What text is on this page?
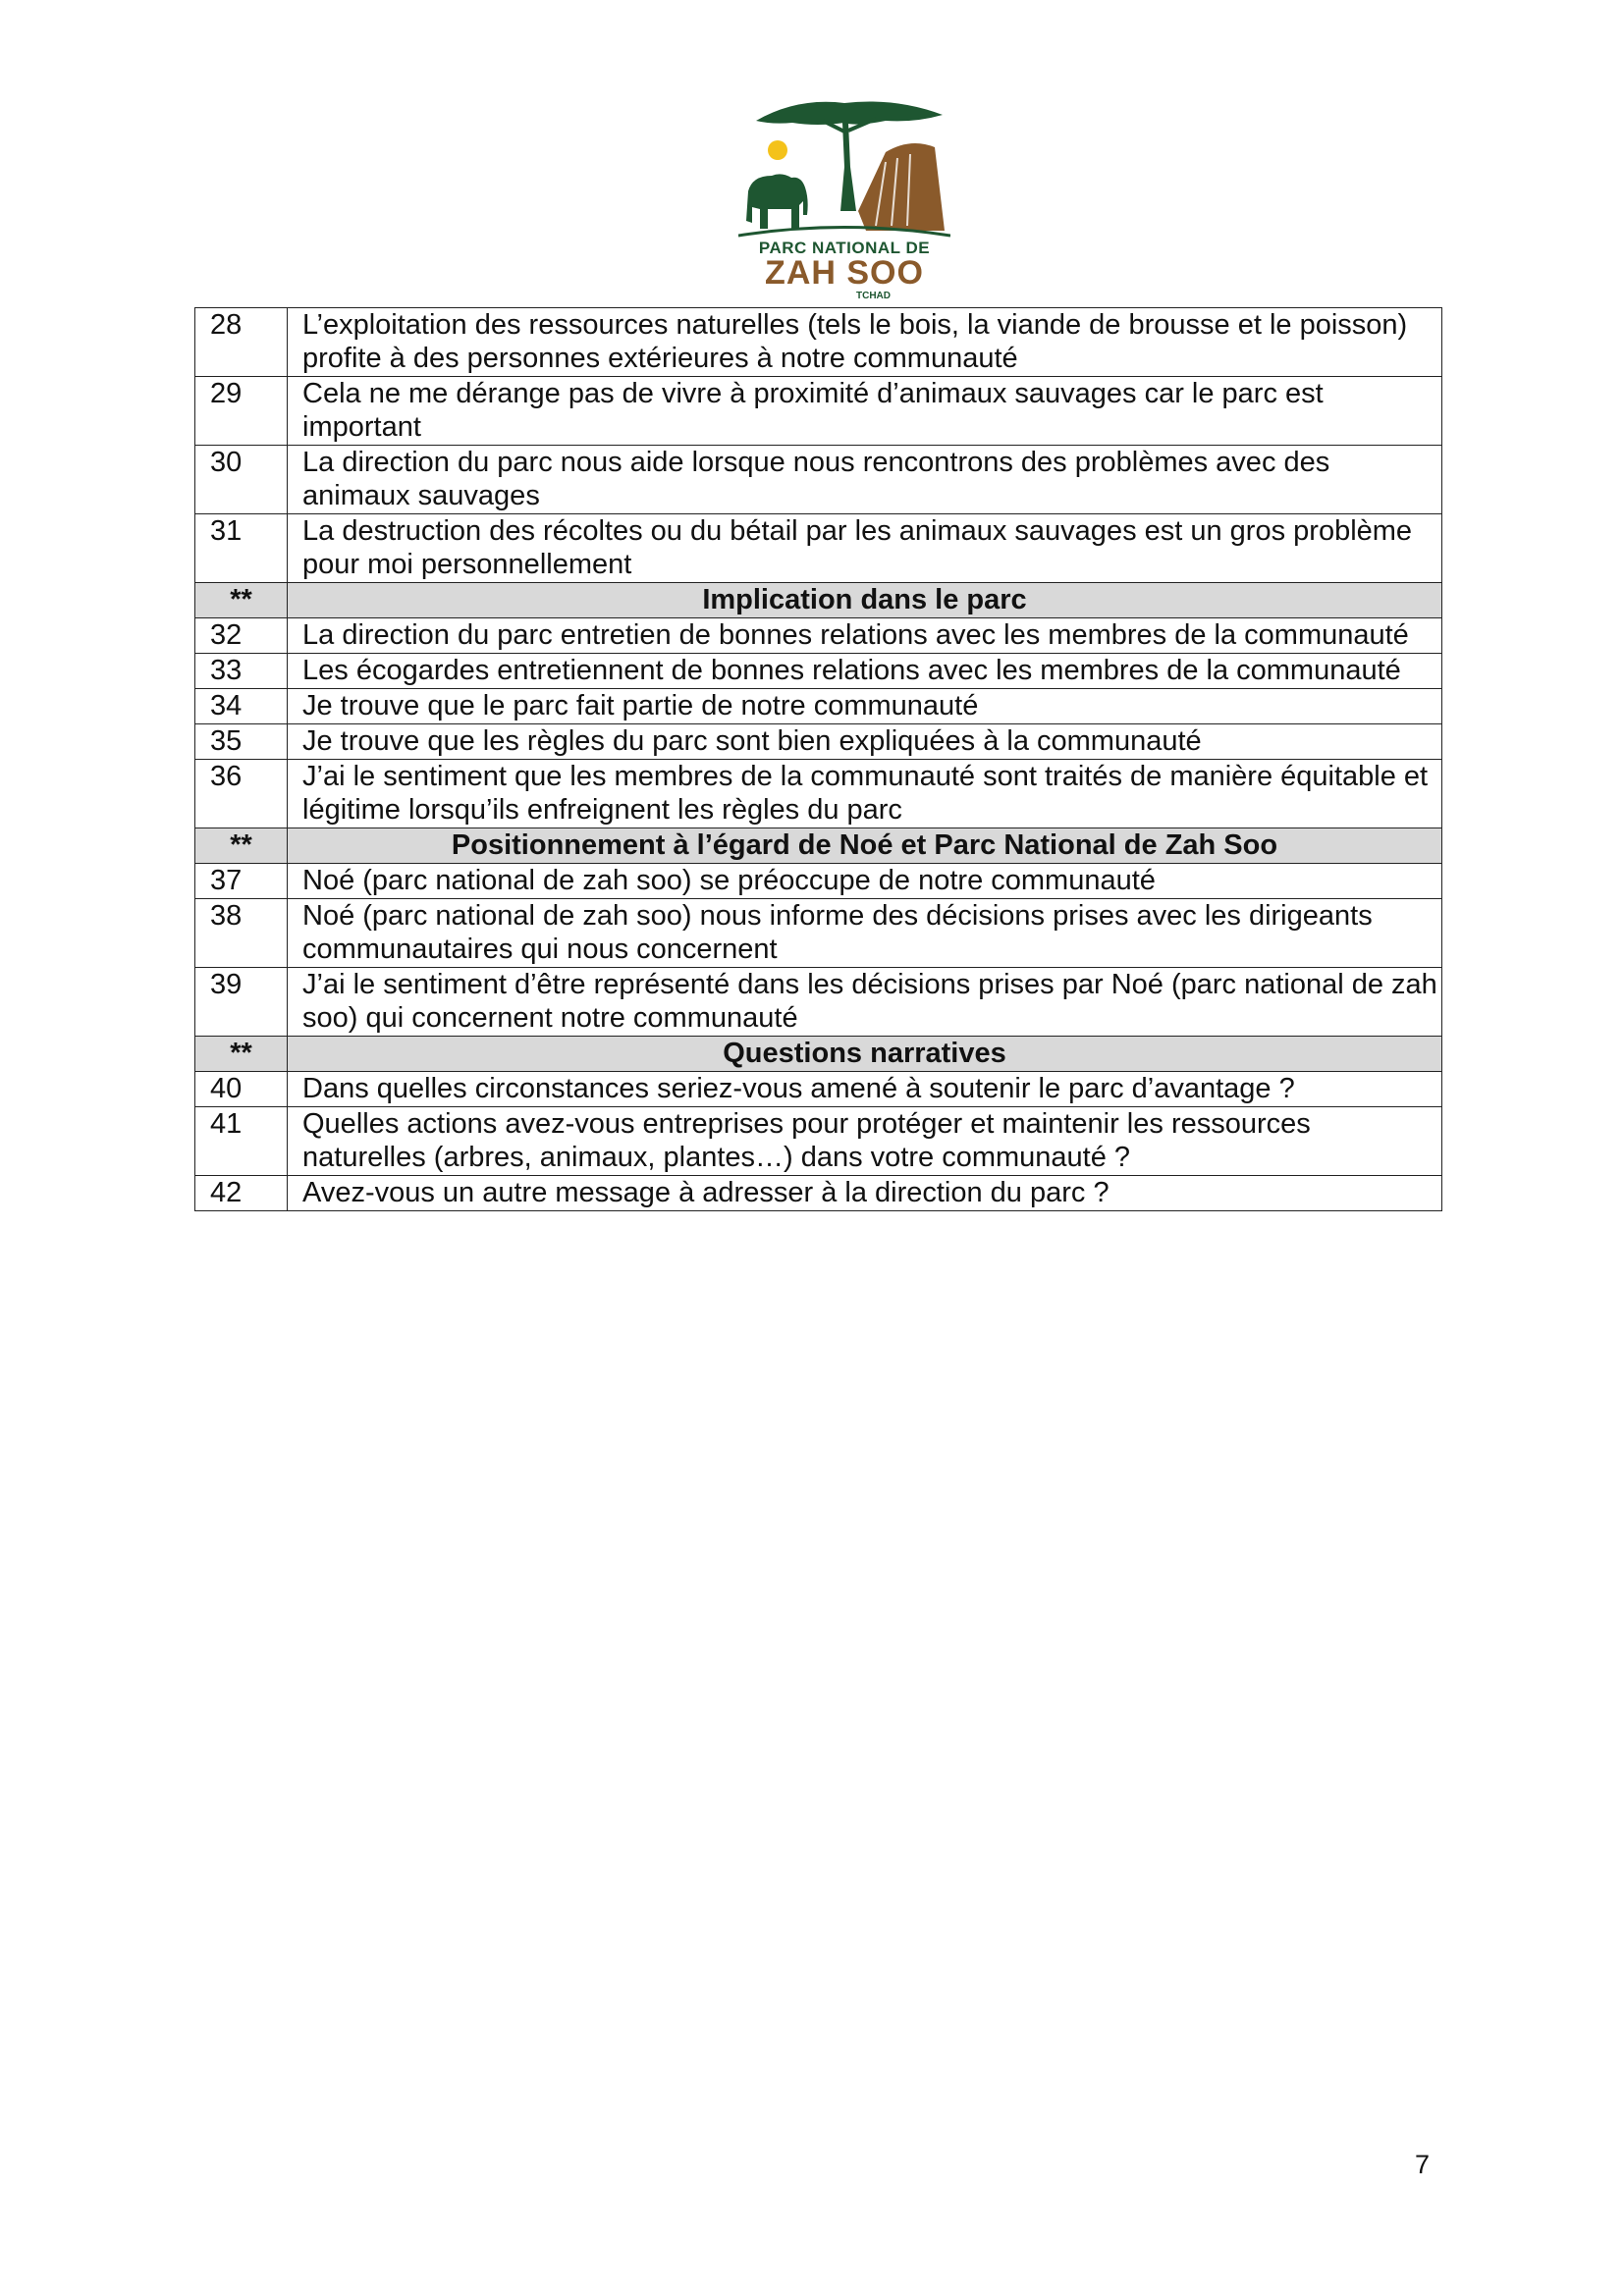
PARC NATIONAL DE
ZAH SOO
TCHAD
28	L’exploitation des ressources naturelles (tels le bois, la viande de brousse et le poisson) profite à des personnes extérieures à notre communauté
29	Cela ne me dérange pas de vivre à proximité d’animaux sauvages car le parc est important
30	La direction du parc nous aide lorsque nous rencontrons des problèmes avec des animaux sauvages
31	La destruction des récoltes ou du bétail par les animaux sauvages est un gros problème pour moi personnellement
**	Implication dans le parc
32	La direction du parc entretien de bonnes relations avec les membres de la communauté
33	Les écogardes entretiennent de bonnes relations avec les membres de la communauté
34	Je trouve que le parc fait partie de notre communauté
35	Je trouve que les règles du parc sont bien expliquées à la communauté
36	J’ai le sentiment que les membres de la communauté sont traités de manière équitable et légitime lorsqu’ils enfreignent les règles du parc
**	Positionnement à l’égard de Noé et Parc National de Zah Soo
37	Noé (parc national de zah soo) se préoccupe de notre communauté
38	Noé (parc national de zah soo) nous informe des décisions prises avec les dirigeants communautaires qui nous concernent
39	J’ai le sentiment d’être représenté dans les décisions prises par Noé (parc national de zah soo) qui concernent notre communauté
**	Questions narratives
40	Dans quelles circonstances seriez-vous amené à soutenir le parc d’avantage ?
41	Quelles actions avez-vous entreprises pour protéger et maintenir les ressources naturelles (arbres, animaux, plantes…) dans votre communauté ?
42	Avez-vous un autre message à adresser à la direction du parc ?
7
